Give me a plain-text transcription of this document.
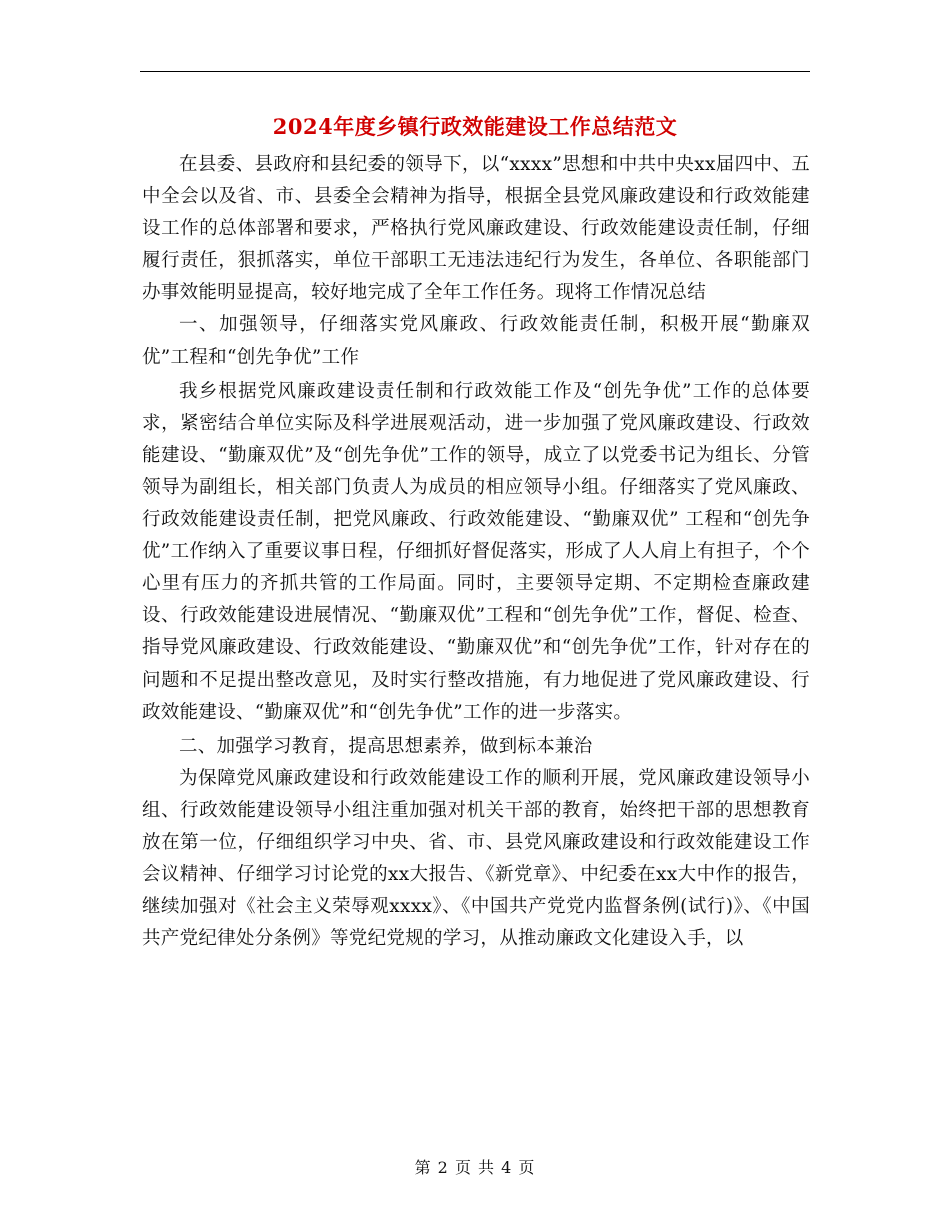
2024年度乡镇行政效能建设工作总结范文

在县委、县政府和县纪委的领导下，以“xxxx”思想和中共中央xx届四中、五中全会以及省、市、县委全会精神为指导，根据全县党风廉政建设和行政效能建设工作的总体部署和要求，严格执行党风廉政建设、行政效能建设责任制，仔细履行责任，狠抓落实，单位干部职工无违法违纪行为发生，各单位、各职能部门办事效能明显提高，较好地完成了全年工作任务。现将工作情况总结

一、加强领导，仔细落实党风廉政、行政效能责任制，积极开展“勤廉双优”工程和“创先争优”工作

我乡根据党风廉政建设责任制和行政效能工作及“创先争优”工作的总体要求，紧密结合单位实际及科学进展观活动，进一步加强了党风廉政建设、行政效能建设、“勤廉双优”及“创先争优”工作的领导，成立了以党委书记为组长、分管领导为副组长，相关部门负责人为成员的相应领导小组。仔细落实了党风廉政、行政效能建设责任制，把党风廉政、行政效能建设、“勤廉双优” 工程和“创先争优”工作纳入了重要议事日程，仔细抓好督促落实，形成了人人肩上有担子，个个心里有压力的齐抓共管的工作局面。同时，主要领导定期、不定期检查廉政建设、行政效能建设进展情况、“勤廉双优”工程和“创先争优”工作，督促、检查、指导党风廉政建设、行政效能建设、“勤廉双优”和“创先争优”工作，针对存在的问题和不足提出整改意见，及时实行整改措施，有力地促进了党风廉政建设、行政效能建设、“勤廉双优”和“创先争优”工作的进一步落实。

二、加强学习教育，提高思想素养，做到标本兼治

为保障党风廉政建设和行政效能建设工作的顺利开展，党风廉政建设领导小组、行政效能建设领导小组注重加强对机关干部的教育，始终把干部的思想教育放在第一位，仔细组织学习中央、省、市、县党风廉政建设和行政效能建设工作会议精神、仔细学习讨论党的xx大报告、《新党章》、中纪委在xx大中作的报告，继续加强对《社会主义荣辱观xxxx》、《中国共产党党内监督条例(试行)》、《中国共产党纪律处分条例》等党纪党规的学习，从推动廉政文化建设入手，以

第 2 页 共 4 页
